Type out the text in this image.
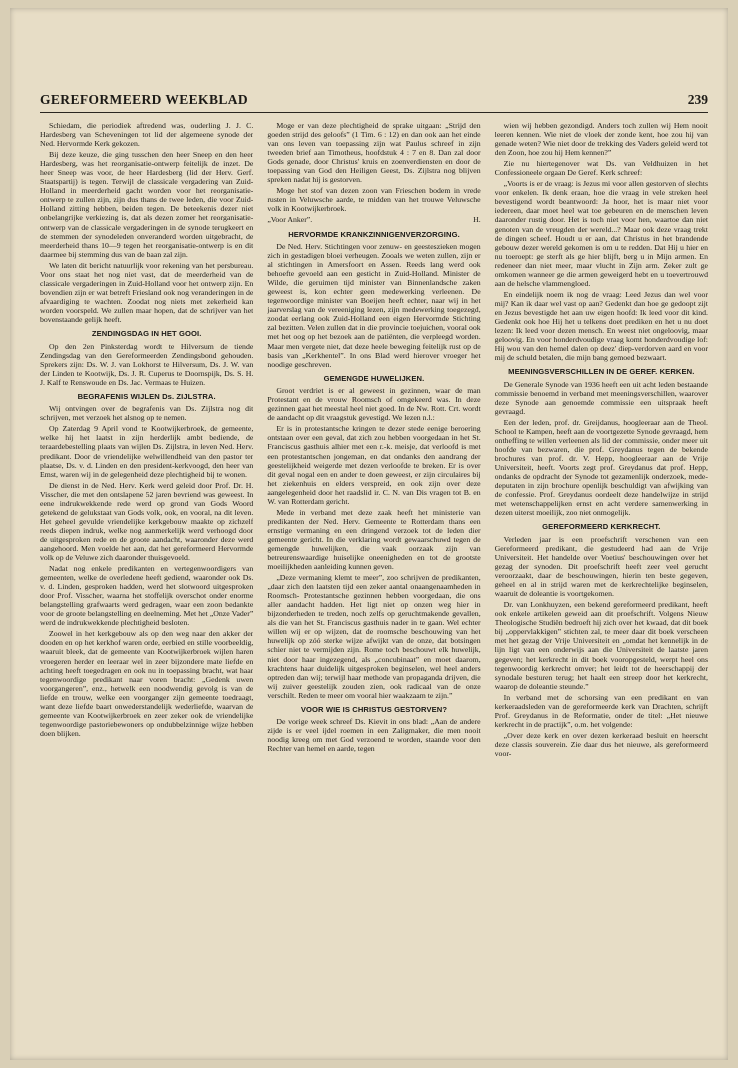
GEREFORMEERD WEEKBLAD	239

Schiedam, die periodiek aftredend was, ouderling J. J. C. Hardesberg van Scheveningen tot lid der algemeene synode der Ned. Hervormde Kerk gekozen.

Bij deze keuze, die ging tusschen den heer Sneep en den heer Hardesberg, was het reorganisatie-ontwerp feitelijk de inzet. De heer Sneep was voor, de heer Hardesberg (lid der Herv. Gerf. Staatspartij) is tegen. Terwijl de classicale vergadering van Zuid-Holland in meerderheid gacht worden voor het reorganisatie-ontwerp te zullen zijn, zijn dus thans de twee leden, die voor Zuid-Holland zitting hebben, beiden tegen. De beteekenis dezer niet onbelangrijke verkiezing is, dat als dezen zomer het reorganisatie-ontwerp van de classicale vergaderingen in de synode terugkeert en de stemmen der synodeleden onveranderd worden uitgebracht, de meerderheid thans 10—9 tegen het reorganisatie-ontwerp is en dit daarmee bij stemming dus van de baan zal zijn.

We laten dit bericht natuurlijk voor rekening van het persbureau. Voor ons staat het nog niet vast, dat de meerderheid van de classicale vergaderingen in Zuid-Holland voor het ontwerp zijn. En bovendien zijn er wat betreft Friesland ook nog veranderingen in de afvaardiging te wachten. Zoodat nog niets met zekerheid kan worden voorspeld. We zullen maar hopen, dat de schrijver van het bovenstaande gelijk heeft.

ZENDINGSDAG IN HET GOOI.

Op den 2en Pinksterdag wordt te Hilversum de tiende Zendingsdag van den Gereformeerden Zendingsbond gehouden. Sprekers zijn: Ds. W. J. van Lokhorst te Hilversum, Ds. J. W. van der Linden te Kootwijk, Ds. J. R. Cuperus te Doornspijk, Ds. S. H. J. Kalf te Renswoude en Ds. Jac. Vermaas te Huizen.

BEGRAFENIS WIJLEN Ds. ZIJLSTRA.

Wij ontvingen over de begrafenis van Ds. Zijlstra nog dit schrijven, met verzoek het alsnog op te nemen.

Op Zaterdag 9 April vond te Kootwijkerbroek, de gemeente, welke hij het laatst in zijn herderlijk ambt bediende, de teraardebestelling plaats van wijlen Ds. Zijlstra, in leven Ned. Herv. predikant. Door de vriendelijke welwillendheid van den pastor ter plaatse, Ds. v. d. Linden en den president-kerkvoogd, den heer van Emst, waren wij in de gelegenheid deze plechtigheid bij te wonen.

De dienst in de Ned. Herv. Kerk werd geleid door Prof. Dr. H. Visscher, die met den ontslapene 52 jaren bevriend was geweest. In eene indrukwekkende rede werd op grond van Gods Woord getekend de gelukstaat van Gods volk, ook, en vooral, na dit leven. Het geheel gevulde vriendelijke kerkgebouw maakte op zichzelf reeds diepen indruk, welke nog aanmerkelijk werd verhoogd door de uitgesproken rede en de groote aandacht, waaronder deze werd aangehoord. Men voelde het aan, dat het gereformeerd Hervormde volk op de Veluwe zich daaronder thuisgevoeld.

Nadat nog enkele predikanten en vertegenwoordigers van gemeenten, welke de overledene heeft gediend, waaronder ook Ds. v. d. Linden, gesproken hadden, werd het slotwoord uitgesproken door Prof. Visscher, waarna het stoffelijk overschot onder enorme belangstelling grafwaarts werd gedragen, waar een zoon bedankte voor de groote belangstelling en deelneming. Met het „Onze Vader” werd de indrukwekkende plechtigheid besloten.

Zoowel in het kerkgebouw als op den weg naar den akker der dooden en op het kerkhof waren orde, eerbied en stille voorbeeldig, waaruit bleek, dat de gemeente van Kootwijkerbroek wijlen haren vroegeren herder en leeraar wel in zeer bijzondere mate liefde en achting heeft toegedragen en ook nu in toepassing bracht, wat haar tegenwoordige predikant naar voren bracht: „Gedenk uwen voorgangeren”, enz., hetwelk een noodwendig gevolg is van de liefde en trouw, welke een voorganger zijn gemeente toedraagt, want deze liefde baart onwederstandelijk wederliefde, waarvan de gemeente van Kootwijkerbroek en zeer zeker ook de vriendelijke tegenwoordige pastoriebewoners op ondubbelzinnige wijze hebben doen blijken.

Moge er van deze plechtigheid de sprake uitgaan: „Strijd den goeden strijd des geloofs” (1 Tim. 6 : 12) en dan ook aan het einde van ons leven van toepassing zijn wat Paulus schreef in zijn tweeden brief aan Timotheus, hoofdstuk 4 : 7 en 8. Dan zal door Gods genade, door Christus' kruis en zoenverdiensten en door de toepassing van God den Heiligen Geest, Ds. Zijlstra nog blijven spreken nadat hij is gestorven.

Moge het stof van dezen zoon van Frieschen bodem in vrede rusten in Veluwsche aarde, te midden van het trouwe Veluwsche volk in Kootwijkerbroek.

„Voor Anker”.	H.
HERVORMDE KRANKZINNIGENVERZORGING.

De Ned. Herv. Stichtingen voor zenuw- en geesteszieken mogen zich in gestadigen bloei verheugen. Zooals we weten zullen, zijn er al stichtingen in Amersfoort en Assen. Reeds lang werd ook behoefte gevoeld aan een gesticht in Zuid-Holland. Minister de Wilde, die geruimen tijd minister van Binnenlandsche zaken geweest is, kon echter geen medewerking verleenen. De tegenwoordige minister van Boeijen heeft echter, naar wij in het jaarverslag van de vereeniging lezen, zijn medewerking toegezegd, zoodat eerlang ook Zuid-Holland een eigen Hervormde Stichting zal bezitten. Velen zullen dat in die provincie toejuichen, vooral ook met het oog op het bezoek aan de patiënten, die verpleegd worden. Maar men vergete niet, dat deze heele beweging feitelijk rust op de basis van „Kerkhentel”. In ons Blad werd hierover vroeger het noodige geschreven.

GEMENGDE HUWELIJKEN.

Groot verdriet is er al geweest in gezinnen, waar de man Protestant en de vrouw Roomsch of omgekeerd was. In deze gezinnen gaat het meestal heel niet goed. In de Nw. Rott. Crt. wordt de aandacht op dit vraagstuk gevestigd. We lezen n.l.:

Er is in protestantsche kringen te dezer stede eenige beroering ontstaan over een geval, dat zich zou hebben voorgedaan in het St. Franciscus gasthuis alhier met een r.-k. meisje, dat verloofd is met een protestantschen jongeman, en dat ondanks den aandrang der geestelijkheid weigerde met dezen verloofde te breken. Er is over dit geval nogal een en ander te doen geweest, er zijn circulaires bij het ziekenhuis en elders verspreid, en ook zijn over deze aangelegenheid door het raadslid ir. C. N. van Dis vragen tot B. en W. van Rotterdam gericht.

Mede in verband met deze zaak heeft het ministerie van predikanten der Ned. Herv. Gemeente te Rotterdam thans een ernstige vermaning en een dringend verzoek tot de leden dier gemeente gericht. In die verklaring wordt gewaarschuwd tegen de gemengde huwelijken, die vaak oorzaak zijn van betreurenswaardige huiselijke oneenigheden en tot de grootste moeilijkheden aanleiding kunnen geven.

„Deze vermaning klemt te meer”, zoo schrijven de predikanten, „daar zich den laatsten tijd een zeker aantal onaangenaamheden in Roomsch- Protestantsche gezinnen hebben voorgedaan, die ons aller aandacht hadden. Het ligt niet op onzen weg hier in bijzonderheden te treden, noch zelfs op geruchtmakende gevallen, als die van het St. Franciscus gasthuis nader in te gaan. Wel echter willen wij er op wijzen, dat de roomsche beschouwing van het huwelijk op zóó sterke wijze afwijkt van de onze, dat botsingen schier niet te vermijden zijn. Rome toch beschouwt elk huwelijk, niet door haar ingezegend, als „concubinaat” en moet daarom, krachtens haar duidelijk uitgesproken beginselen, wel heel anders optreden dan wij; terwijl haar methode van propaganda drijven, die wij zuiver geestelijk zouden zien, ook radicaal van de onze verschilt. Reden te meer om vooral hier waakzaam te zijn.”

VOOR WIE IS CHRISTUS GESTORVEN?

De vorige week schreef Ds. Kievit in ons blad: „Aan de andere zijde is er veel ijdel roemen in een Zaligmaker, die men nooit noodig kreeg om met God verzoend te worden, staande voor den Rechter van hemel en aarde, tegen

wien wij hebben gezondigd. Anders toch zullen wij Hem nooit leeren kennen. Wie niet de vloek der zonde kent, hoe zou hij van genade weten? Wie niet door de trekking des Vaders geleid werd tot den Zoon, hoe zou hij Hem kennen?”

Zie nu hiertegenover wat Ds. van Veldhuizen in het Confessioneele orgaan De Geref. Kerk schreef:

„Voorts is er de vraag: is Jezus mi voor allen gestorven of slechts voor enkelen. Ik denk eraan, hoe die vraag in vele streken heel bevestigend wordt beantwoord: Ja hoor, het is maar niet voor iedereen, daar moet heel wat toe gebeuren en de menschen leven daaronder rustig door. Het is toch niet voor hen, waartoe dan niet genoten van de vreugden der wereld...? Maar ook deze vraag trekt de dingen scheef. Houdt u er aan, dat Christus in het brandende gebouw dezer wereld gekomen is om u te redden. Dat Hij u hier en nu toeroept: ge sterft als ge hier blijft, berg u in Mijn armen. En redeneer dan niet meer, maar vlucht in Zijn arm. Zeker zult ge omkomen wanneer ge die armen geweigerd hebt en u toevertrouwd aan de helsche vlammengloed.

En eindelijk noem ik nog de vraag: Leed Jezus dan wel voor mij? Kan ik daar wel vast op aan? Gedenkt dan hoe ge gedoopt zijt en Jezus bevestigde het aan uw eigen hoofd: Ik leed voor dit kind. Gedenkt ook hoe Hij het u telkens doet prediken en het u nu doet lezen: Ik leed voor dezen mensch. En weest niet ongeloovig, maar geloovig. En voor honderdvoudige vraag komt honderdvoudige lof: Hij wou van den hemel dalen op deez' diep-verdorven aard en voor mij de schuld betalen, die mijn bang gemoed bezwaart.

MEENINGSVERSCHILLEN IN DE GEREF. KERKEN.

De Generale Synode van 1936 heeft een uit acht leden bestaande commissie benoemd in verband met meeningsverschillen, waarover deze Synode aan genoemde commissie een uitspraak heeft gevraagd.

Een der leden, prof. dr. Greijdanus, hoogleeraar aan de Theol. School te Kampen, heeft aan de voortgezette Synode gevraagd, hem ontheffing te willen verleenen als lid der commissie, onder meer uit hoofde van bezwaren, die prof. Greydanus tegen de bekende brochures van prof. dr. V. Hepp, hoogleeraar aan de Vrije Universiteit, heeft. Voorts zegt prof. Greydanus dat prof. Hepp, ondanks de opdracht der Synode tot gezamenlijk onderzoek, mede-deputaten in zijn brochure openlijk beschuldigt van afwijking van de confessie. Prof. Greydanus oordeelt deze handelwijze in strijd met wetenschappelijken ernst en acht verdere samenwerking in dezen uiterst moeilijk, zoo niet onmogelijk.

GEREFORMEERD KERKRECHT.

Verleden jaar is een proefschrift verschenen van een Gereformeerd predikant, die gestudeerd had aan de Vrije Universiteit. Het handelde over Voetius' beschouwingen over het gezag der synoden. Dit proefschrift heeft zeer veel gerucht veroorzaakt, daar de beschouwingen, hierin ten beste gegeven, geheel en al in strijd waren met de kerkrechtelijke beginselen, waaruit de doleantie is voortgekomen.

Dr. van Lonkhuyzen, een bekend gereformeerd predikant, heeft ook enkele artikelen geweid aan dit proefschrift. Volgens Nieuw Theologische Studiën bedroeft hij zich over het kwaad, dat dit boek bij „oppervlakkigen” stichten zal, te meer daar dit boek verscheen met het gezag der Vrije Universiteit en „omdat het kennelijk in de lijn ligt van een onderwijs aan die Universiteit de laatste jaren gegeven; het kerkrecht in dit boek vooropgesteld, werpt heel ons tegenwoordig kerkrecht omver; het leidt tot de heerschappij der synodale besturen terug; het haalt een streep door het kerkrecht, waarop de doleantie steunde.”

In verband met de schorsing van een predikant en van kerkeraadsleden van de gereformeerde kerk van Drachten, schrijft Prof. Greydanus in de Reformatie, onder de titel: „Het nieuwe kerkrecht in de practijk”, o.m. het volgende:

„Over deze kerk en over dezen kerkeraad besluit en heerscht deze classis souverein. Zie daar dus het nieuwe, als gereformeerd voor-
